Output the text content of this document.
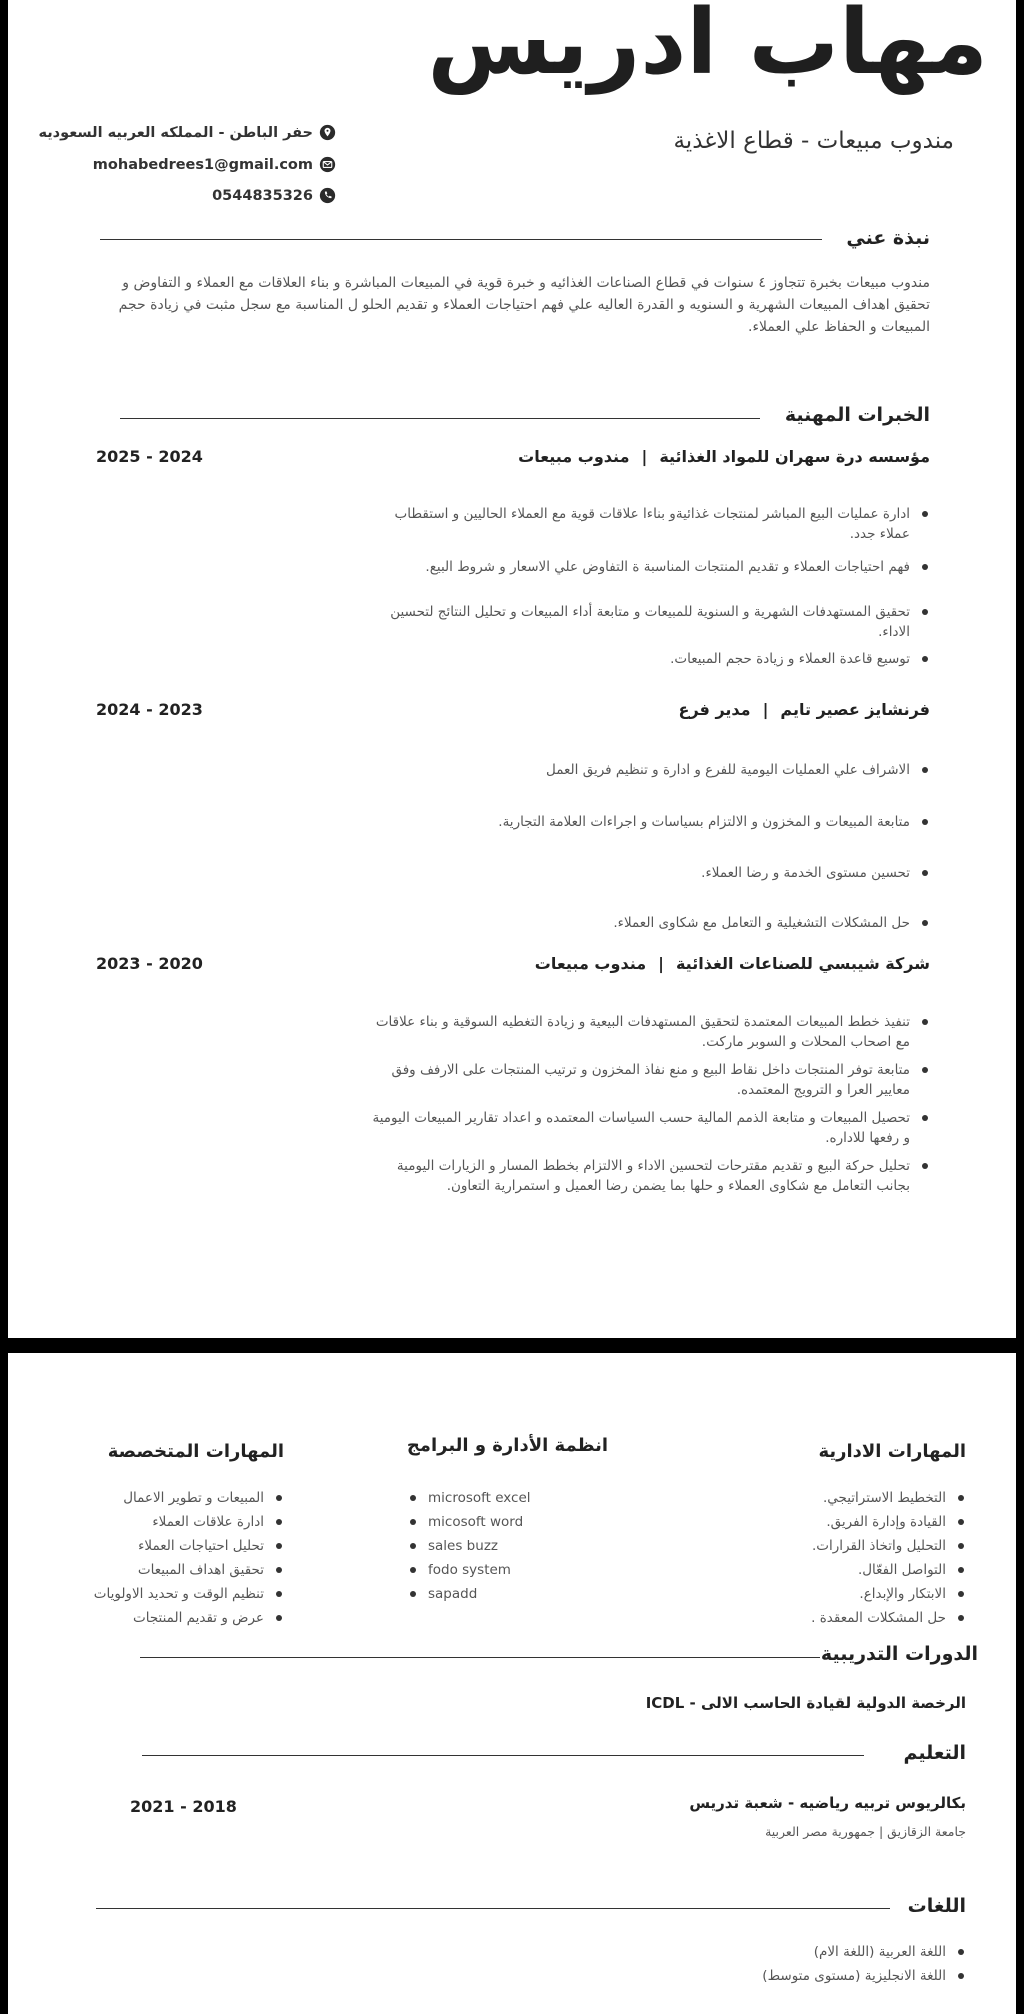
مهاب ادريس
مندوب مبيعات - قطاع الاغذية
حفر الباطن - المملكه العربيه السعوديه
mohabedrees1@gmail.com
0544835326
نبذة عني

مندوب مبيعات بخبرة تتجاوز ٤ سنوات في قطاع الصناعات الغذائيه و خبرة قوية في المبيعات المباشرة و بناء العلاقات مع العملاء و التفاوض و تحقيق اهداف المبيعات الشهرية و السنويه و القدرة العاليه علي فهم احتياجات العملاء و تقديم الحلو ل المناسبة مع سجل مثبت في زيادة حجم المبيعات و الحفاظ علي العملاء.

الخبرات المهنية
مؤسسه درة سهران للمواد الغذائية|مندوب مبيعات
2025 - 2024
ادارة عمليات البيع المباشر لمنتجات غذائيةو بناءا علاقات قوية مع العملاء الحاليين و استقطاب عملاء جدد.
فهم احتياجات العملاء و تقديم المنتجات المناسبة ة التفاوض علي الاسعار و شروط البيع.
تحقيق المستهدفات الشهرية و السنوية للمبيعات و متابعة أداء المبيعات و تحليل النتائج لتحسين الاداء.
توسيع قاعدة العملاء و زيادة حجم المبيعات.
فرنشايز عصير تايم|مدير فرع
2024 - 2023
الاشراف علي العمليات اليومية للفرع و ادارة و تنظيم فريق العمل
متابعة المبيعات و المخزون و الالتزام بسياسات و اجراءات العلامة التجارية.
تحسين مستوى الخدمة و رضا العملاء.
حل المشكلات التشغيلية و التعامل مع شكاوى العملاء.
شركة شيبسي للصناعات الغذائية|مندوب مبيعات
2023 - 2020
تنفيذ خطط المبيعات المعتمدة لتحقيق المستهدفات البيعية و زيادة التغطيه السوقية و بناء علاقات مع اصحاب المحلات و السوبر ماركت.
متابعة توفر المنتجات داخل نقاط البيع و منع نفاذ المخزون و ترتيب المنتجات على الارفف وفق معايير العرا و الترويج المعتمده.
تحصيل المبيعات و متابعة الذمم المالية حسب السياسات المعتمده و اعداد تقارير المبيعات اليومية و رفعها للاداره.
تحليل حركة البيع و تقديم مقترحات لتحسين الاداء و الالتزام بخطط المسار و الزيارات اليومية بجانب التعامل مع شكاوى العملاء و حلها بما يضمن رضا العميل و استمرارية التعاون.
المهارات الادارية
التخطيط الاستراتيجي.
القيادة وإدارة الفريق.
التحليل واتخاذ القرارات.
التواصل الفعّال.
الابتكار والإبداع.
حل المشكلات المعقدة .
انظمة الأدارة و البرامج
microsoft excel
micosoft word
sales buzz
fodo system
sapadd
المهارات المتخصصة
المبيعات و تطوير الاعمال
ادارة علاقات العملاء
تحليل احتياجات العملاء
تحقيق اهداف المبيعات
تنظيم الوقت و تحديد الاولويات
عرض و تقديم المنتجات
الدورات التدريبية
الرخصة الدولية لقيادة الحاسب الالى - ICDL
التعليم
بكالريوس تربيه رياضيه - شعبة تدريس
جامعة الزقازيق | جمهورية مصر العربية
2021 - 2018
اللغات
اللغة العربية (اللغة الام)
اللغة الانجليزية (مستوى متوسط)
